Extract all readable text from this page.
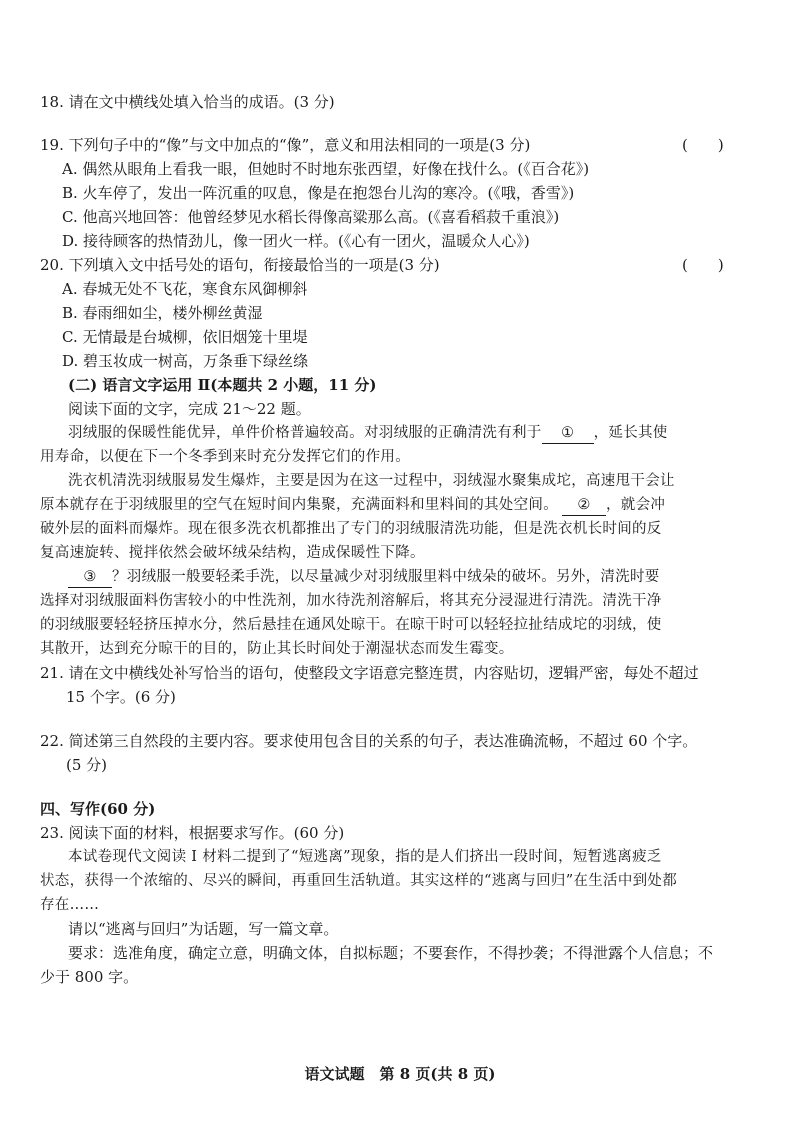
18. 请在文中横线处填入恰当的成语。(3 分)
19. 下列句子中的“像”与文中加点的“像”，意义和用法相同的一项是(3 分)	(　　)
A. 偶然从眼角上看我一眼，但她时不时地东张西望，好像在找什么。(《百合花》)
B. 火车停了，发出一阵沉重的叹息，像是在抱怨台儿沟的寒冷。(《哦，香雪》)
C. 他高兴地回答：他曾经梦见水稻长得像高粱那么高。(《喜看稻菽千重浪》)
D. 接待顾客的热情劲儿，像一团火一样。(《心有一团火，温暖众人心》)
20. 下列填入文中括号处的语句，衔接最恰当的一项是(3 分)	(　　)
A. 春城无处不飞花，寒食东风御柳斜
B. 春雨细如尘，楼外柳丝黄湿
C. 无情最是台城柳，依旧烟笼十里堤
D. 碧玉妆成一树高，万条垂下绿丝绦
(二) 语言文字运用 Ⅱ(本题共 2 小题，11 分)
阅读下面的文字，完成 21～22 题。
羽绒服的保暖性能优异，单件价格普遍较高。对羽绒服的正确清洗有利于 ① ，延长其使
用寿命，以便在下一个冬季到来时充分发挥它们的作用。
洗衣机清洗羽绒服易发生爆炸，主要是因为在这一过程中，羽绒湿水聚集成坨，高速甩干会让
原本就存在于羽绒服里的空气在短时间内集聚，充满面料和里料间的其处空间。 ② ，就会冲
破外层的面料而爆炸。现在很多洗衣机都推出了专门的羽绒服清洗功能，但是洗衣机长时间的反
复高速旋转、搅拌依然会破坏绒朵结构，造成保暖性下降。
③ ？羽绒服一般要轻柔手洗，以尽量减少对羽绒服里料中绒朵的破坏。另外，清洗时要
选择对羽绒服面料伤害较小的中性洗剂，加水待洗剂溶解后，将其充分浸湿进行清洗。清洗干净
的羽绒服要轻轻挤压掉水分，然后悬挂在通风处晾干。在晾干时可以轻轻拉扯结成坨的羽绒，使
其散开，达到充分晾干的目的，防止其长时间处于潮湿状态而发生霉变。
21. 请在文中横线处补写恰当的语句，使整段文字语意完整连贯，内容贴切，逻辑严密，每处不超过
15 个字。(6 分)
22. 简述第三自然段的主要内容。要求使用包含目的关系的句子，表达准确流畅，不超过 60 个字。
(5 分)
四、写作(60 分)
23. 阅读下面的材料，根据要求写作。(60 分)
本试卷现代文阅读 Ⅰ 材料二提到了“短逃离”现象，指的是人们挤出一段时间，短暂逃离疲乏
状态，获得一个浓缩的、尽兴的瞬间，再重回生活轨道。其实这样的“逃离与回归”在生活中到处都
存在……
请以“逃离与回归”为话题，写一篇文章。
要求：选准角度，确定立意，明确文体，自拟标题；不要套作，不得抄袭；不得泄露个人信息；不
少于 800 字。
语文试题　第 8 页(共 8 页)
